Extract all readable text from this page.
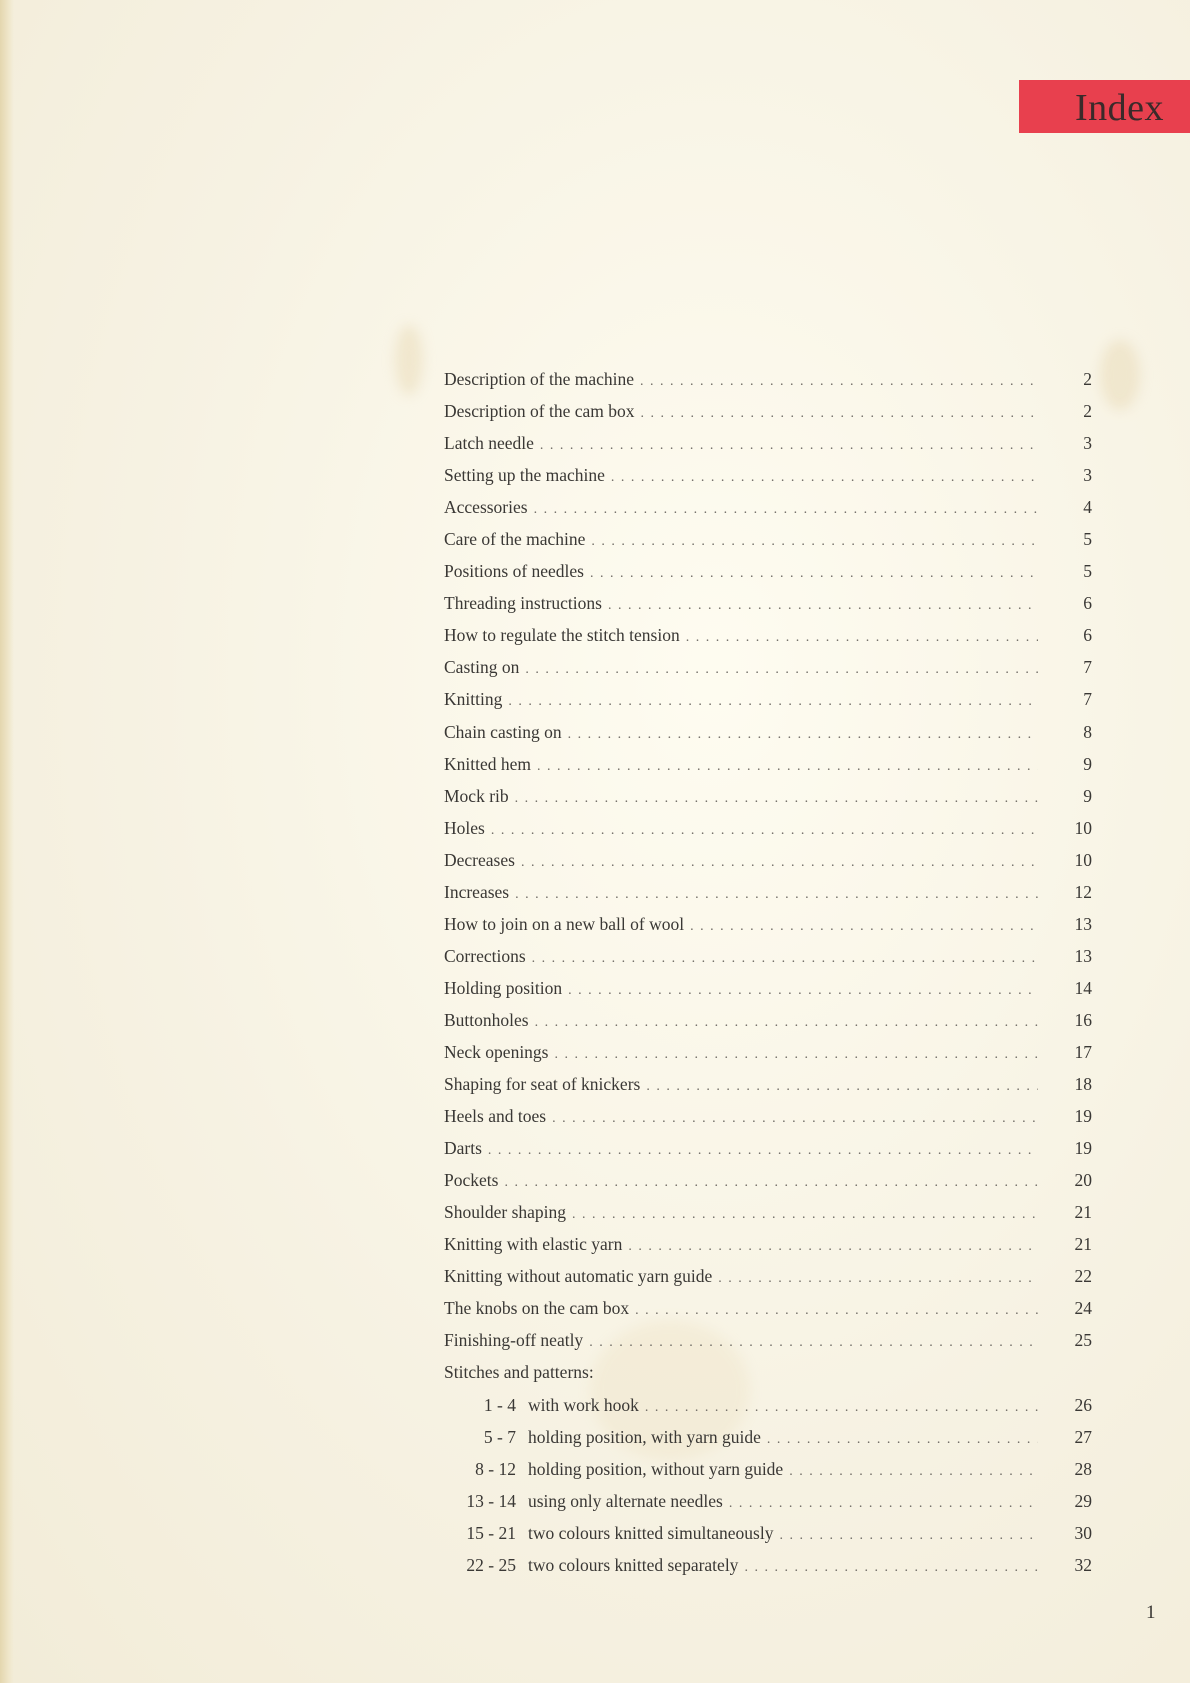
Index
Description of the machine . . .	2
Description of the cam box . . .	2
Latch needle . . .	3
Setting up the machine . . .	3
Accessories . . .	4
Care of the machine . . .	5
Positions of needles . . .	5
Threading instructions . . .	6
How to regulate the stitch tension . . .	6
Casting on . . .	7
Knitting . . .	7
Chain casting on . . .	8
Knitted hem . . .	9
Mock rib . . .	9
Holes . . .	10
Decreases . . .	10
Increases . . .	12
How to join on a new ball of wool . . .	13
Corrections . . .	13
Holding position . . .	14
Buttonholes . . .	16
Neck openings . . .	17
Shaping for seat of knickers . . .	18
Heels and toes . . .	19
Darts . . .	19
Pockets . . .	20
Shoulder shaping . . .	21
Knitting with elastic yarn . . .	21
Knitting without automatic yarn guide . . .	22
The knobs on the cam box . . .	24
Finishing-off neatly . . .	25
Stitches and patterns:
1 - 4 with work hook . . .	26
5 - 7 holding position, with yarn guide . . .	27
8 - 12 holding position, without yarn guide . . .	28
13 - 14 using only alternate needles . . .	29
15 - 21 two colours knitted simultaneously . . .	30
22 - 25 two colours knitted separately . . .	32
1
